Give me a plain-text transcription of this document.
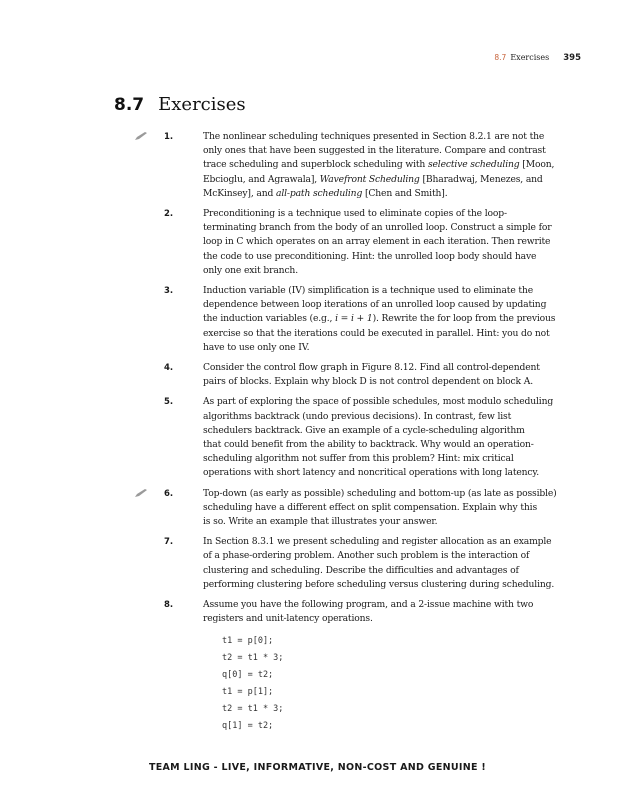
8.7 Exercises 395
8.7 Exercises
1.	The nonlinear scheduling techniques presented in Section 8.2.1 are not the
only ones that have been suggested in the literature. Compare and contrast
trace scheduling and superblock scheduling with selective scheduling [Moon,
Ebcioglu, and Agrawala], Wavefront Scheduling [Bharadwaj, Menezes, and
McKinsey], and all-path scheduling [Chen and Smith].
2.	Preconditioning is a technique used to eliminate copies of the loop-
terminating branch from the body of an unrolled loop. Construct a simple for
loop in C which operates on an array element in each iteration. Then rewrite
the code to use preconditioning. Hint: the unrolled loop body should have
only one exit branch.
3.	Induction variable (IV) simplification is a technique used to eliminate the
dependence between loop iterations of an unrolled loop caused by updating
the induction variables (e.g., i = i + 1). Rewrite the for loop from the previous
exercise so that the iterations could be executed in parallel. Hint: you do not
have to use only one IV.
4.	Consider the control flow graph in Figure 8.12. Find all control-dependent
pairs of blocks. Explain why block D is not control dependent on block A.
5.	As part of exploring the space of possible schedules, most modulo scheduling
algorithms backtrack (undo previous decisions). In contrast, few list
schedulers backtrack. Give an example of a cycle-scheduling algorithm
that could benefit from the ability to backtrack. Why would an operation-
scheduling algorithm not suffer from this problem? Hint: mix critical
operations with short latency and noncritical operations with long latency.
6.	Top-down (as early as possible) scheduling and bottom-up (as late as possible)
scheduling have a different effect on split compensation. Explain why this
is so. Write an example that illustrates your answer.
7.	In Section 8.3.1 we present scheduling and register allocation as an example
of a phase-ordering problem. Another such problem is the interaction of
clustering and scheduling. Describe the difficulties and advantages of
performing clustering before scheduling versus clustering during scheduling.
8.	Assume you have the following program, and a 2-issue machine with two
registers and unit-latency operations.
t1 = p[0];
t2 = t1 * 3;
q[0] = t2;
t1 = p[1];
t2 = t1 * 3;
q[1] = t2;
TEAM LING - LIVE, INFORMATIVE, NON-COST AND GENUINE !
